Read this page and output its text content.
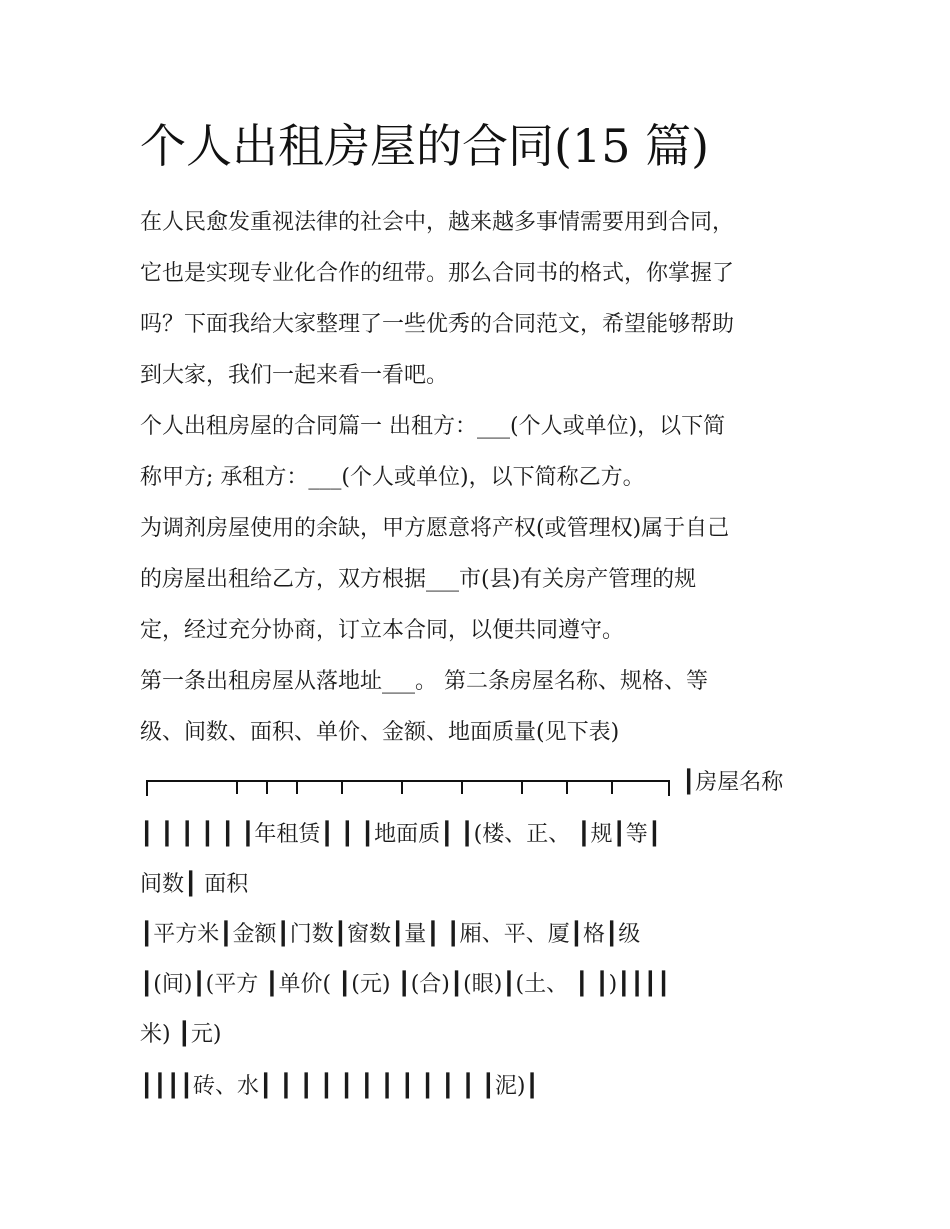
个人出租房屋的合同(15 篇)
在人民愈发重视法律的社会中，越来越多事情需要用到合同，
它也是实现专业化合作的纽带。那么合同书的格式，你掌握了
吗？下面我给大家整理了一些优秀的合同范文，希望能够帮助
到大家，我们一起来看一看吧。
个人出租房屋的合同篇一 出租方：___(个人或单位)，以下简
称甲方; 承租方：___(个人或单位)，以下简称乙方。
为调剂房屋使用的余缺，甲方愿意将产权(或管理权)属于自己
的房屋出租给乙方，双方根据___市(县)有关房产管理的规
定，经过充分协商，订立本合同，以便共同遵守。
第一条出租房屋从落地址___。 第二条房屋名称、规格、等
级、间数、面积、单价、金额、地面质量(见下表)
┃房屋名称
┃ ┃ ┃ ┃ ┃ ┃年租赁┃ ┃ ┃地面质┃ ┃(楼、正、 ┃规┃等┃
间数┃ 面积
┃平方米┃金额┃门数┃窗数┃量┃ ┃厢、平、厦┃格┃级
┃(间)┃(平方 ┃单价( ┃(元) ┃(合)┃(眼)┃(土、 ┃ ┃)┃┃┃┃
米) ┃元)
┃┃┃┃砖、水┃ ┃ ┃ ┃ ┃ ┃ ┃ ┃ ┃ ┃ ┃ ┃泥)┃
